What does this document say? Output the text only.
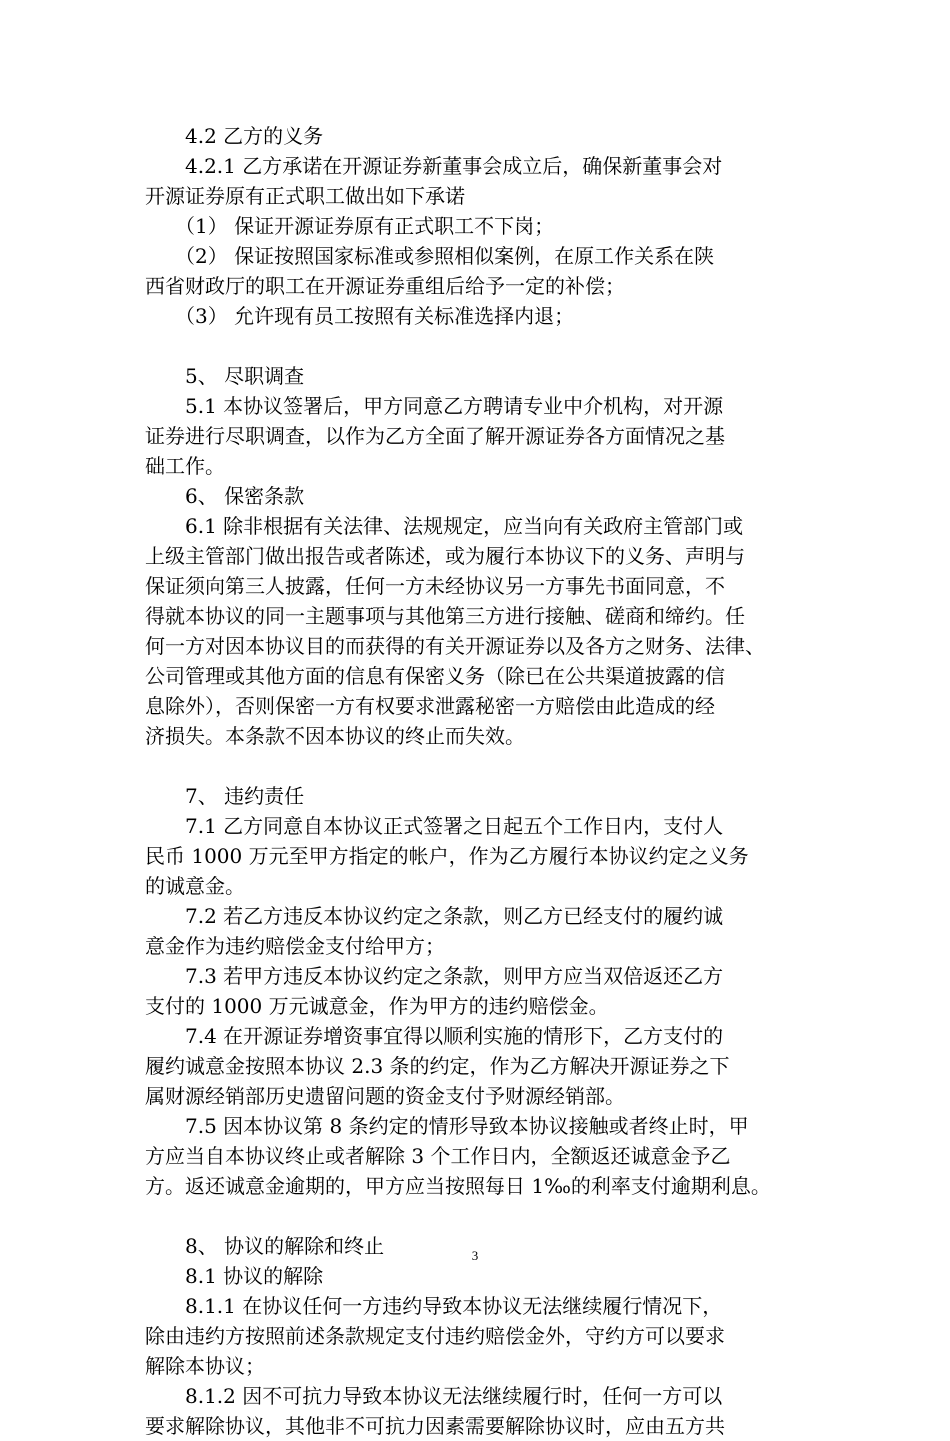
　　4.2 乙方的义务
　　4.2.1 乙方承诺在开源证券新董事会成立后，确保新董事会对
开源证券原有正式职工做出如下承诺
　　（1） 保证开源证券原有正式职工不下岗；
　　（2） 保证按照国家标准或参照相似案例，在原工作关系在陕
西省财政厅的职工在开源证券重组后给予一定的补偿；
　　（3） 允许现有员工按照有关标准选择内退；
　　5、 尽职调查
　　5.1 本协议签署后，甲方同意乙方聘请专业中介机构，对开源
证券进行尽职调查，以作为乙方全面了解开源证券各方面情况之基
础工作。
　　6、 保密条款
　　6.1 除非根据有关法律、法规规定，应当向有关政府主管部门或
上级主管部门做出报告或者陈述，或为履行本协议下的义务、声明与
保证须向第三人披露，任何一方未经协议另一方事先书面同意，不
得就本协议的同一主题事项与其他第三方进行接触、磋商和缔约。任
何一方对因本协议目的而获得的有关开源证券以及各方之财务、法律、
公司管理或其他方面的信息有保密义务（除已在公共渠道披露的信
息除外），否则保密一方有权要求泄露秘密一方赔偿由此造成的经
济损失。本条款不因本协议的终止而失效。
　　7、 违约责任
　　7.1 乙方同意自本协议正式签署之日起五个工作日内，支付人
民币 1000 万元至甲方指定的帐户，作为乙方履行本协议约定之义务
的诚意金。
　　7.2 若乙方违反本协议约定之条款，则乙方已经支付的履约诚
意金作为违约赔偿金支付给甲方；
　　7.3 若甲方违反本协议约定之条款，则甲方应当双倍返还乙方
支付的 1000 万元诚意金，作为甲方的违约赔偿金。
　　7.4 在开源证券增资事宜得以顺利实施的情形下，乙方支付的
履约诚意金按照本协议 2.3 条的约定，作为乙方解决开源证券之下
属财源经销部历史遗留问题的资金支付予财源经销部。
　　7.5 因本协议第 8 条约定的情形导致本协议接触或者终止时，甲
方应当自本协议终止或者解除 3 个工作日内，全额返还诚意金予乙
方。返还诚意金逾期的，甲方应当按照每日 1‰的利率支付逾期利息。
　　8、 协议的解除和终止
　　8.1 协议的解除
　　8.1.1 在协议任何一方违约导致本协议无法继续履行情况下，
除由违约方按照前述条款规定支付违约赔偿金外，守约方可以要求
解除本协议；
　　8.1.2 因不可抗力导致本协议无法继续履行时，任何一方可以
要求解除协议，其他非不可抗力因素需要解除协议时，应由五方共
3
